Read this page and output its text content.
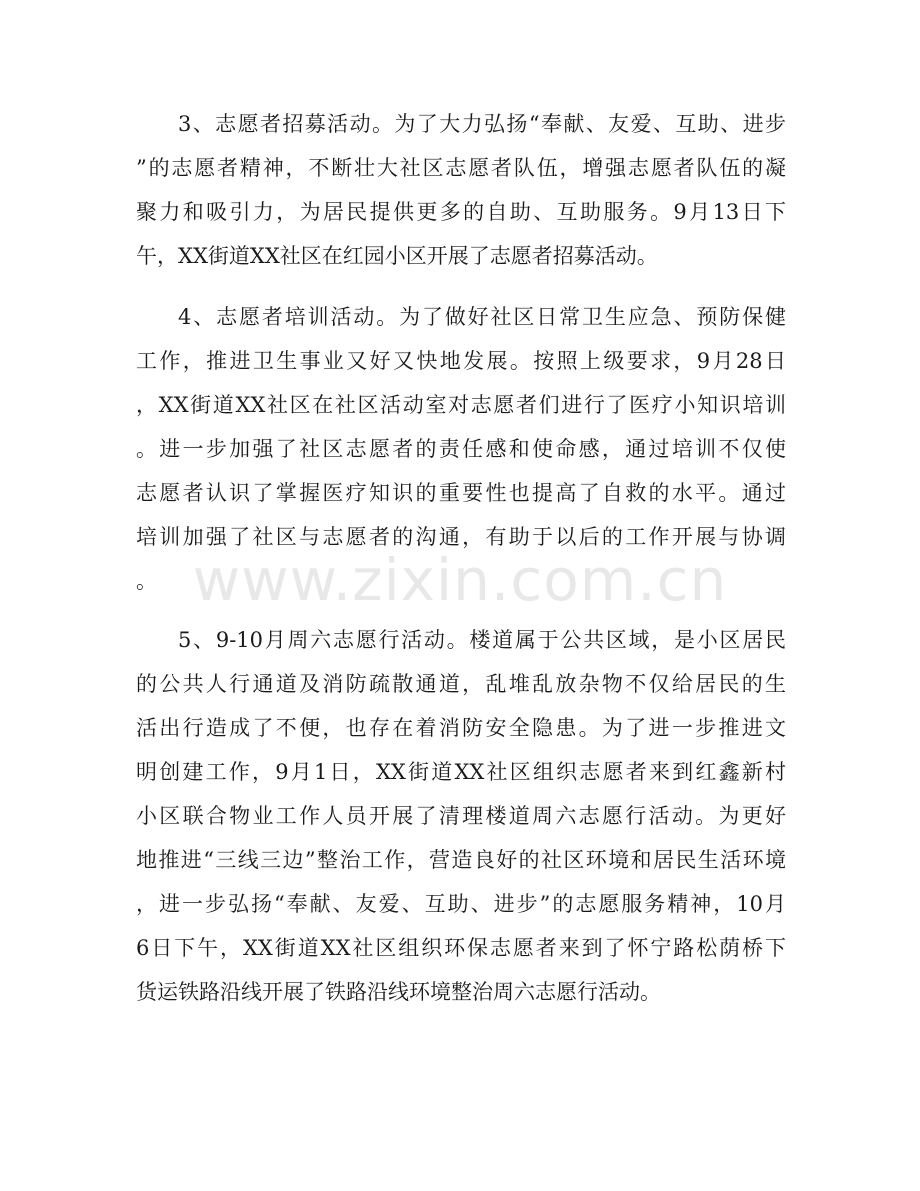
3、志愿者招募活动。为了大力弘扬“奉献、友爱、互助、进步
”的志愿者精神，不断壮大社区志愿者队伍，增强志愿者队伍的凝
聚力和吸引力，为居民提供更多的自助、互助服务。9月13日下
午，XX街道XX社区在红园小区开展了志愿者招募活动。
4、志愿者培训活动。为了做好社区日常卫生应急、预防保健
工作，推进卫生事业又好又快地发展。按照上级要求，9月28日
，XX街道XX社区在社区活动室对志愿者们进行了医疗小知识培训
。进一步加强了社区志愿者的责任感和使命感，通过培训不仅使
志愿者认识了掌握医疗知识的重要性也提高了自救的水平。通过
培训加强了社区与志愿者的沟通，有助于以后的工作开展与协调
。
5、9-10月周六志愿行活动。楼道属于公共区域，是小区居民
的公共人行通道及消防疏散通道，乱堆乱放杂物不仅给居民的生
活出行造成了不便，也存在着消防安全隐患。为了进一步推进文
明创建工作，9月1日，XX街道XX社区组织志愿者来到红鑫新村
小区联合物业工作人员开展了清理楼道周六志愿行活动。为更好
地推进“三线三边”整治工作，营造良好的社区环境和居民生活环境
，进一步弘扬“奉献、友爱、互助、进步”的志愿服务精神，10月
6日下午，XX街道XX社区组织环保志愿者来到了怀宁路松荫桥下
货运铁路沿线开展了铁路沿线环境整治周六志愿行活动。
www.zixin.com.cn
